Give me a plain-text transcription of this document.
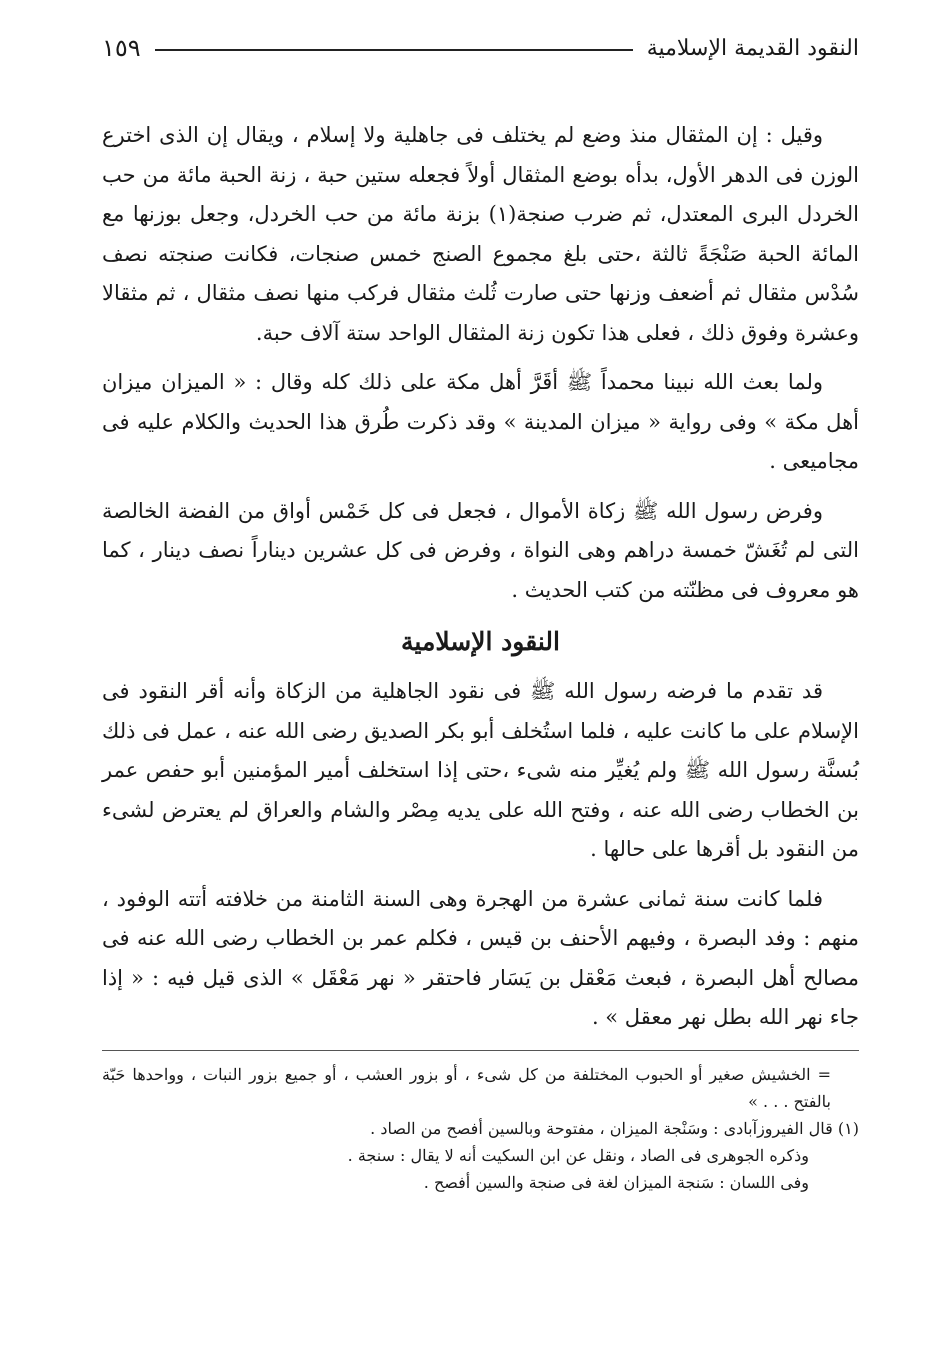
النقود القديمة الإسلامية
١٥٩

وقيل : إن المثقال منذ وضع لم يختلف فى جاهلية ولا إسلام ، ويقال إن الذى اخترع الوزن فى الدهر الأول، بدأه بوضع المثقال أولاً فجعله ستين حبة ، زنة الحبة مائة من حب الخردل البرى المعتدل، ثم ضرب صنجة(١) بزنة مائة من حب الخردل، وجعل بوزنها مع المائة الحبة صَنْجَةً ثالثة ،حتى بلغ مجموع الصنج خمس صنجات، فكانت صنجته نصف سُدْس مثقال ثم أضعف وزنها حتى صارت ثُلث مثقال فركب منها نصف مثقال ، ثم مثقالا وعشرة وفوق ذلك ، فعلى هذا تكون زنة المثقال الواحد ستة آلاف حبة.

ولما بعث الله نبينا محمداً ﷺ أقَرَّ أهل مكة على ذلك كله وقال : « الميزان ميزان أهل مكة » وفى رواية « ميزان المدينة » وقد ذكرت طُرق هذا الحديث والكلام عليه فى مجاميعى .

وفرض رسول الله ﷺ زكاة الأموال ، فجعل فى كل خَمْس أواق من الفضة الخالصة التى لم تُغَشّ خمسة دراهم وهى النواة ، وفرض فى كل عشرين ديناراً نصف دينار ، كما هو معروف فى مظنّته من كتب الحديث .

النقود الإسلامية

قد تقدم ما فرضه رسول الله ﷺ فى نقود الجاهلية من الزكاة وأنه أقر النقود فى الإسلام على ما كانت عليه ، فلما استُخلف أبو بكر الصديق رضى الله عنه ، عمل فى ذلك بُسنَّة رسول الله ﷺ ولم يُغيِّر منه شىء ،حتى إذا استخلف أمير المؤمنين أبو حفص عمر بن الخطاب رضى الله عنه ، وفتح الله على يديه مِصْر والشام والعراق لم يعترض لشىء من النقود بل أقرها على حالها .

فلما كانت سنة ثمانى عشرة من الهجرة وهى السنة الثامنة من خلافته أتته الوفود ، منهم : وفد البصرة ، وفيهم الأحنف بن قيس ، فكلم عمر بن الخطاب رضى الله عنه فى مصالح أهل البصرة ، فبعث مَعْقل بن يَسَار فاحتقر « نهر مَعْقَل » الذى قيل فيه : « إذا جاء نهر الله بطل نهر معقل » .

= الخشيش صغير أو الحبوب المختلفة من كل شىء ، أو بزور العشب ، أو جميع بزور النبات ، وواحدها حَبّة بالفتح . . . »

(١) قال الفيروزآبادى : وسَنْجة الميزان ، مفتوحة وبالسين أفصح من الصاد .

وذكره الجوهرى فى الصاد ، ونقل عن ابن السكيت أنه لا يقال : سنجة .

وفى اللسان : سَنجة الميزان لغة فى صنجة والسين أفصح .
